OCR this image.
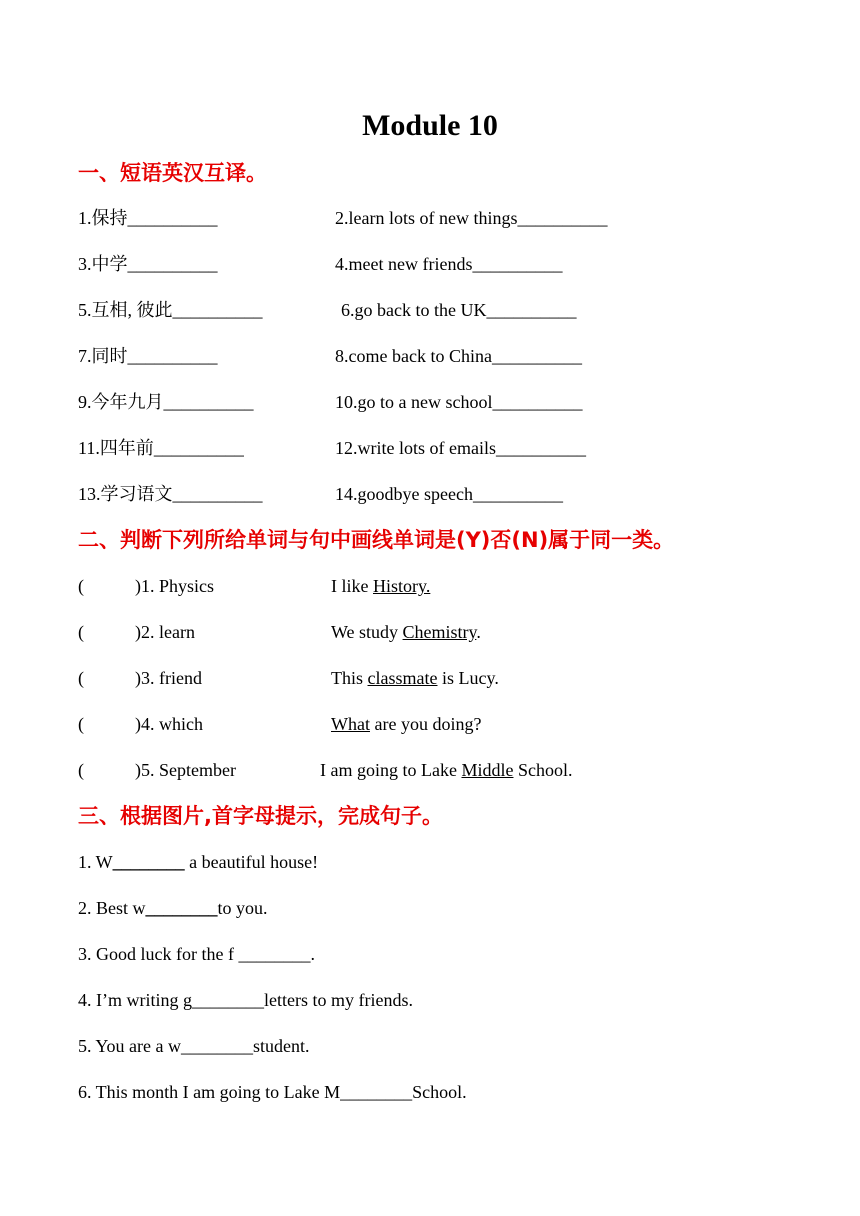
Module 10
一、短语英汉互译。
1.保持__________	2.learn lots of new things__________
3.中学__________	4.meet new friends__________
5.互相, 彼此__________	6.go back to the UK__________
7.同时__________	8.come back to China__________
9.今年九月__________	10.go to a new school__________
11.四年前__________	12.write lots of emails__________
13.学习语文__________	14.goodbye speech__________
二、判断下列所给单词与句中画线单词是(Y)否(N)属于同一类。
(	)1. Physics	I like History.
(	)2. learn	We study Chemistry.
(	)3. friend	This classmate is Lucy.
(	)4. which	What are you doing?
(	)5. September	I am going to Lake Middle School.
三、根据图片,首字母提示，完成句子。
1. W________ a beautiful house!
2. Best w________to you.
3. Good luck for the f ________.
4. I’m writing g________letters to my friends.
5. You are a w________student.
6. This month I am going to Lake M________School.
